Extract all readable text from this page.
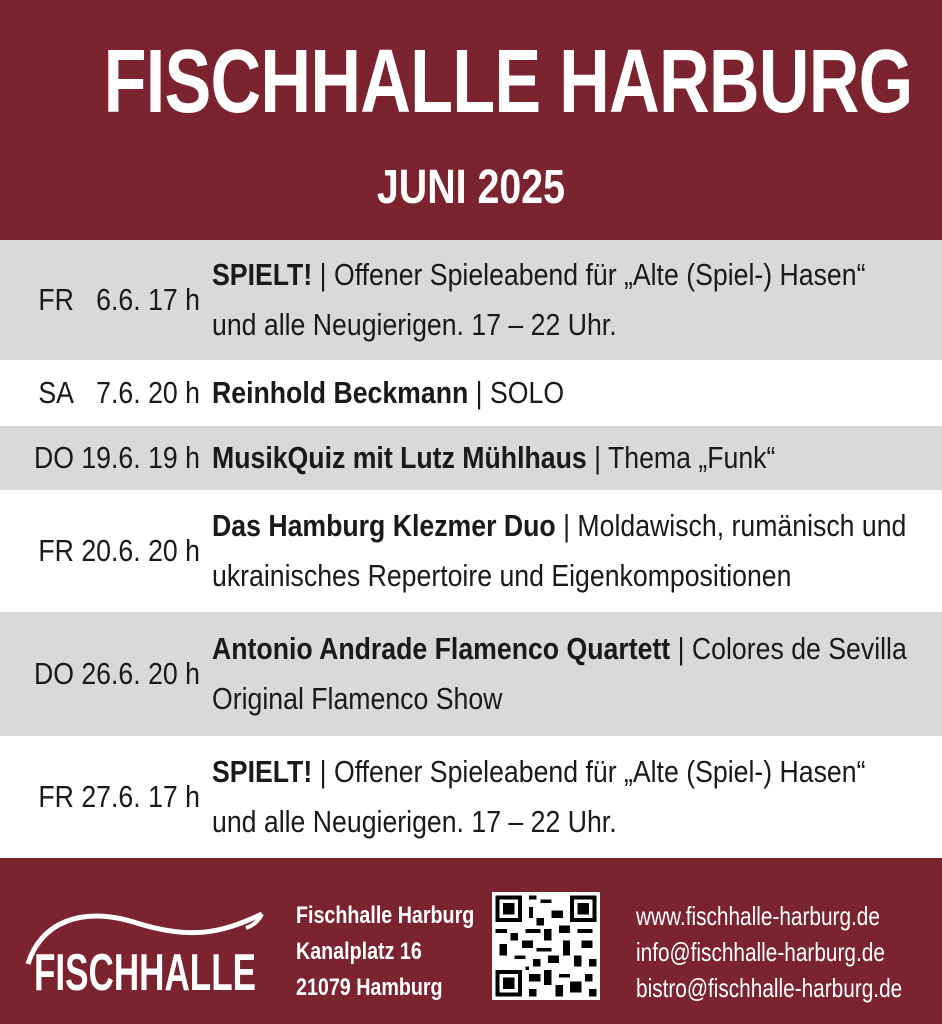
FISCHHALLE HARBURG
JUNI 2025
FR 6.6. 17 h
SPIELT! | Offener Spieleabend für „Alte (Spiel-) Hasen“
und alle Neugierigen. 17 – 22 Uhr.
SA 7.6. 20 h Reinhold Beckmann | SOLO
DO 19.6. 19 h MusikQuiz mit Lutz Mühlhaus | Thema „Funk“
FR 20.6. 20 h
Das Hamburg Klezmer Duo | Moldawisch, rumänisch und
ukrainisches Repertoire und Eigenkompositionen
DO 26.6. 20 h
Antonio Andrade Flamenco Quartett | Colores de Sevilla
Original Flamenco Show
FR 27.6. 17 h
SPIELT! | Offener Spieleabend für „Alte (Spiel-) Hasen“
und alle Neugierigen. 17 – 22 Uhr.
FISCHHALLE
Fischhalle Harburg
Kanalplatz 16
21079 Hamburg
www.fischhalle-harburg.de
info@fischhalle-harburg.de
bistro@fischhalle-harburg.de
